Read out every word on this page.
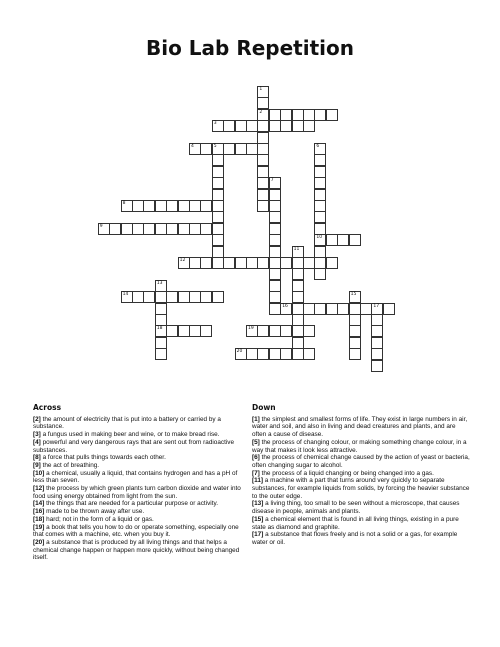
Bio Lab Repetition
1
2
3
4	5	6
10
7
8
9
11
12
13
18
14	15
16	17
19
20
Across

[2] the amount of electricity that is put into a battery or carried by a substance.

[3] a fungus used in making beer and wine, or to make bread rise.

[4] powerful and very dangerous rays that are sent out from radioactive substances.

[8] a force that pulls things towards each other.

[9] the act of breathing.

[10] a chemical, usually a liquid, that contains hydrogen and has a pH of less than seven.

[12] the process by which green plants turn carbon dioxide and water into food using energy obtained from light from the sun.

[14] the things that are needed for a particular purpose or activity.

[16] made to be thrown away after use.

[18] hard; not in the form of a liquid or gas.

[19] a book that tells you how to do or operate something, especially one that comes with a machine, etc. when you buy it.

[20] a substance that is produced by all living things and that helps a chemical change happen or happen more quickly, without being changed itself.

Down

[1] the simplest and smallest forms of life. They exist in large numbers in air, water and soil, and also in living and dead creatures and plants, and are often a cause of disease.

[5] the process of changing colour, or making something change colour, in a way that makes it look less attractive.

[6] the process of chemical change caused by the action of yeast or bacteria, often changing sugar to alcohol.

[7] the process of a liquid changing or being changed into a gas.

[11] a machine with a part that turns around very quickly to separate substances, for example liquids from solids, by forcing the heavier substance to the outer edge.

[13] a living thing, too small to be seen without a microscope, that causes disease in people, animals and plants.

[15] a chemical element that is found in all living things, existing in a pure state as diamond and graphite.

[17] a substance that flows freely and is not a solid or a gas, for example water or oil.
